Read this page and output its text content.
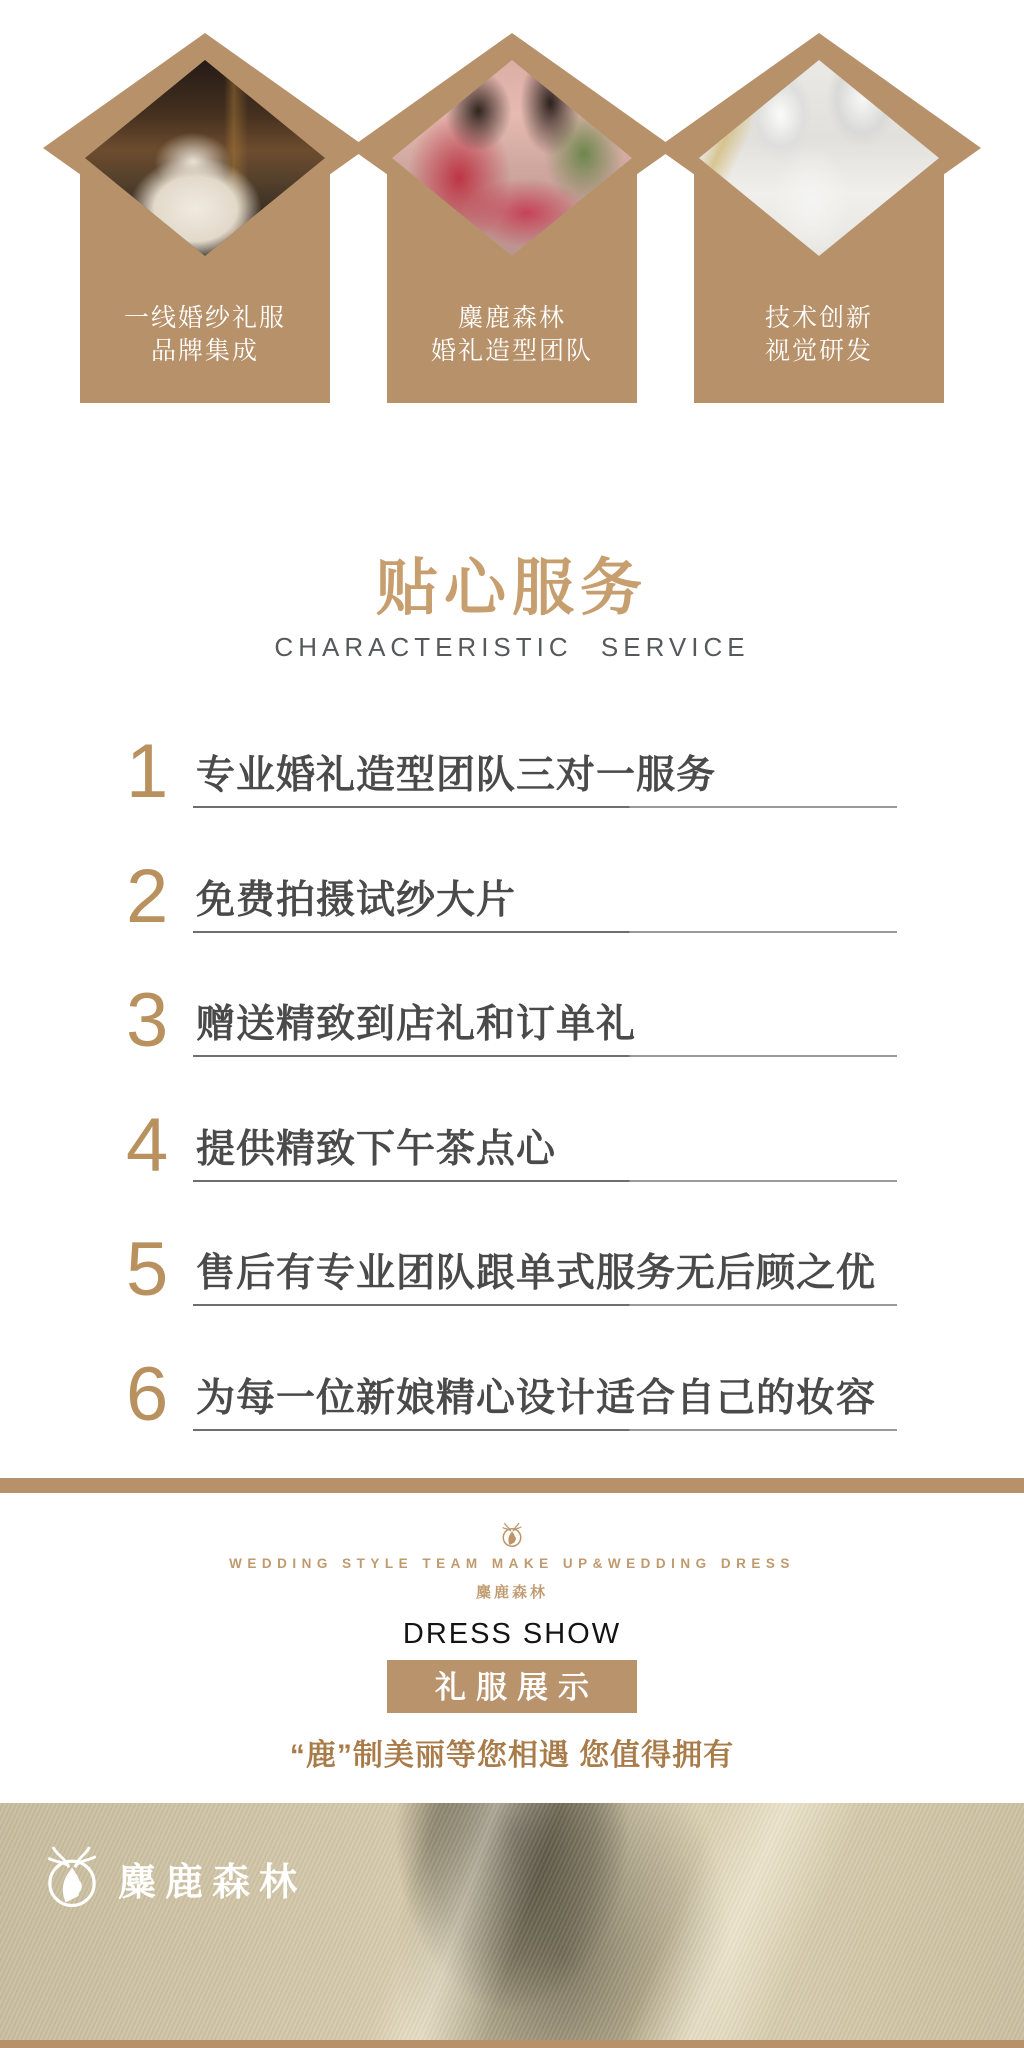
一线婚纱礼服
品牌集成
麋鹿森林
婚礼造型团队
技术创新
视觉研发
贴心服务
CHARACTERISTIC SERVICE
1 专业婚礼造型团队三对一服务
2 免费拍摄试纱大片
3 赠送精致到店礼和订单礼
4 提供精致下午茶点心
5 售后有专业团队跟单式服务无后顾之优
6 为每一位新娘精心设计适合自己的妆容
WEDDING STYLE TEAM MAKE UP&WEDDING DRESS
麋鹿森林
DRESS SHOW
礼服展示
“鹿”制美丽等您相遇 您值得拥有
麋鹿森林
